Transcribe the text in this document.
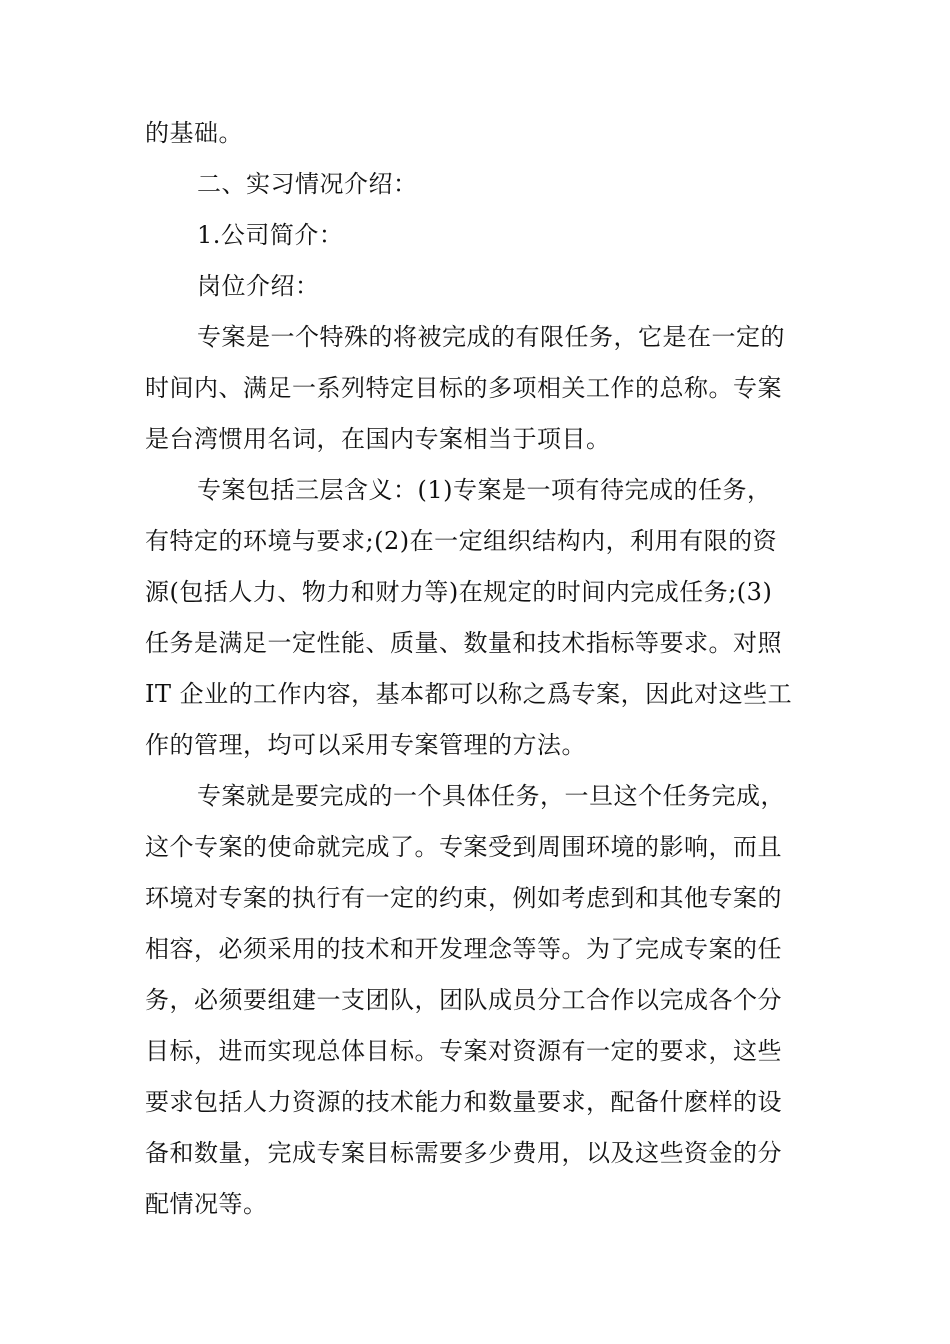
的基础。
二、实习情况介绍：
1.公司简介：
岗位介绍：
专案是一个特殊的将被完成的有限任务，它是在一定的
时间内、满足一系列特定目标的多项相关工作的总称。专案
是台湾惯用名词，在国内专案相当于项目。
专案包括三层含义：(1)专案是一项有待完成的任务，
有特定的环境与要求;(2)在一定组织结构内，利用有限的资
源(包括人力、物力和财力等)在规定的时间内完成任务;(3)
任务是满足一定性能、质量、数量和技术指标等要求。对照
IT 企业的工作内容，基本都可以称之爲专案，因此对这些工
作的管理，均可以采用专案管理的方法。
专案就是要完成的一个具体任务，一旦这个任务完成，
这个专案的使命就完成了。专案受到周围环境的影响，而且
环境对专案的执行有一定的约束，例如考虑到和其他专案的
相容，必须采用的技术和开发理念等等。为了完成专案的任
务，必须要组建一支团队，团队成员分工合作以完成各个分
目标，进而实现总体目标。专案对资源有一定的要求，这些
要求包括人力资源的技术能力和数量要求，配备什麽样的设
备和数量，完成专案目标需要多少费用，以及这些资金的分
配情况等。
